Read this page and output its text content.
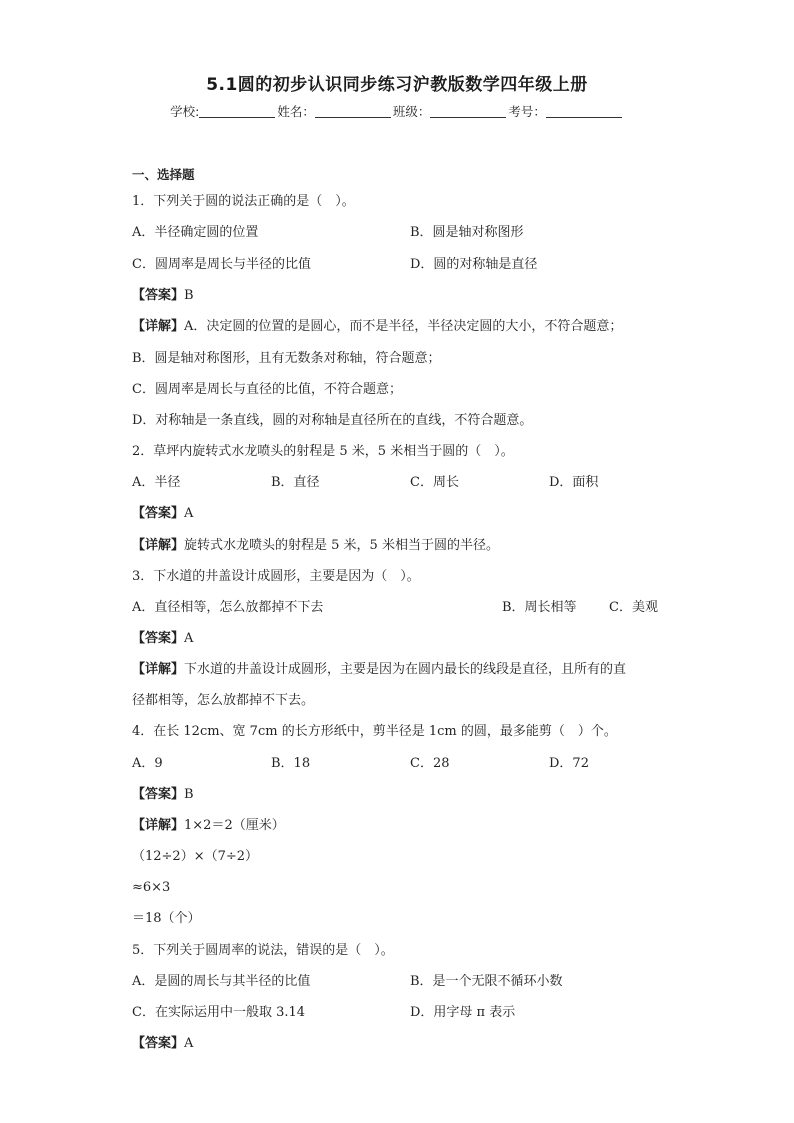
5.1圆的初步认识同步练习沪教版数学四年级上册
学校:	姓名：	班级：	考号：
一、选择题
1．下列关于圆的说法正确的是（　）。
A．半径确定圆的位置	B．圆是轴对称图形
C．圆周率是周长与半径的比值	D．圆的对称轴是直径
【答案】B
【详解】A．决定圆的位置的是圆心，而不是半径，半径决定圆的大小，不符合题意；
B．圆是轴对称图形，且有无数条对称轴，符合题意；
C．圆周率是周长与直径的比值，不符合题意；
D．对称轴是一条直线，圆的对称轴是直径所在的直线，不符合题意。
2．草坪内旋转式水龙喷头的射程是 5 米，5 米相当于圆的（　）。
A．半径	B．直径	C．周长	D．面积
【答案】A
【详解】旋转式水龙喷头的射程是 5 米，5 米相当于圆的半径。
3．下水道的井盖设计成圆形，主要是因为（　）。
A．直径相等，怎么放都掉不下去	B．周长相等 C．美观
【答案】A
【详解】下水道的井盖设计成圆形，主要是因为在圆内最长的线段是直径，且所有的直
径都相等，怎么放都掉不下去。
4．在长 12cm、宽 7cm 的长方形纸中，剪半径是 1cm 的圆，最多能剪（　）个。
A．9	B．18	C．28	D．72
【答案】B
【详解】1×2＝2（厘米）
（12÷2）×（7÷2）
≈6×3
＝18（个）
5．下列关于圆周率的说法，错误的是（　）。
A．是圆的周长与其半径的比值	B．是一个无限不循环小数
C．在实际运用中一般取 3.14	D．用字母 π 表示
【答案】A
